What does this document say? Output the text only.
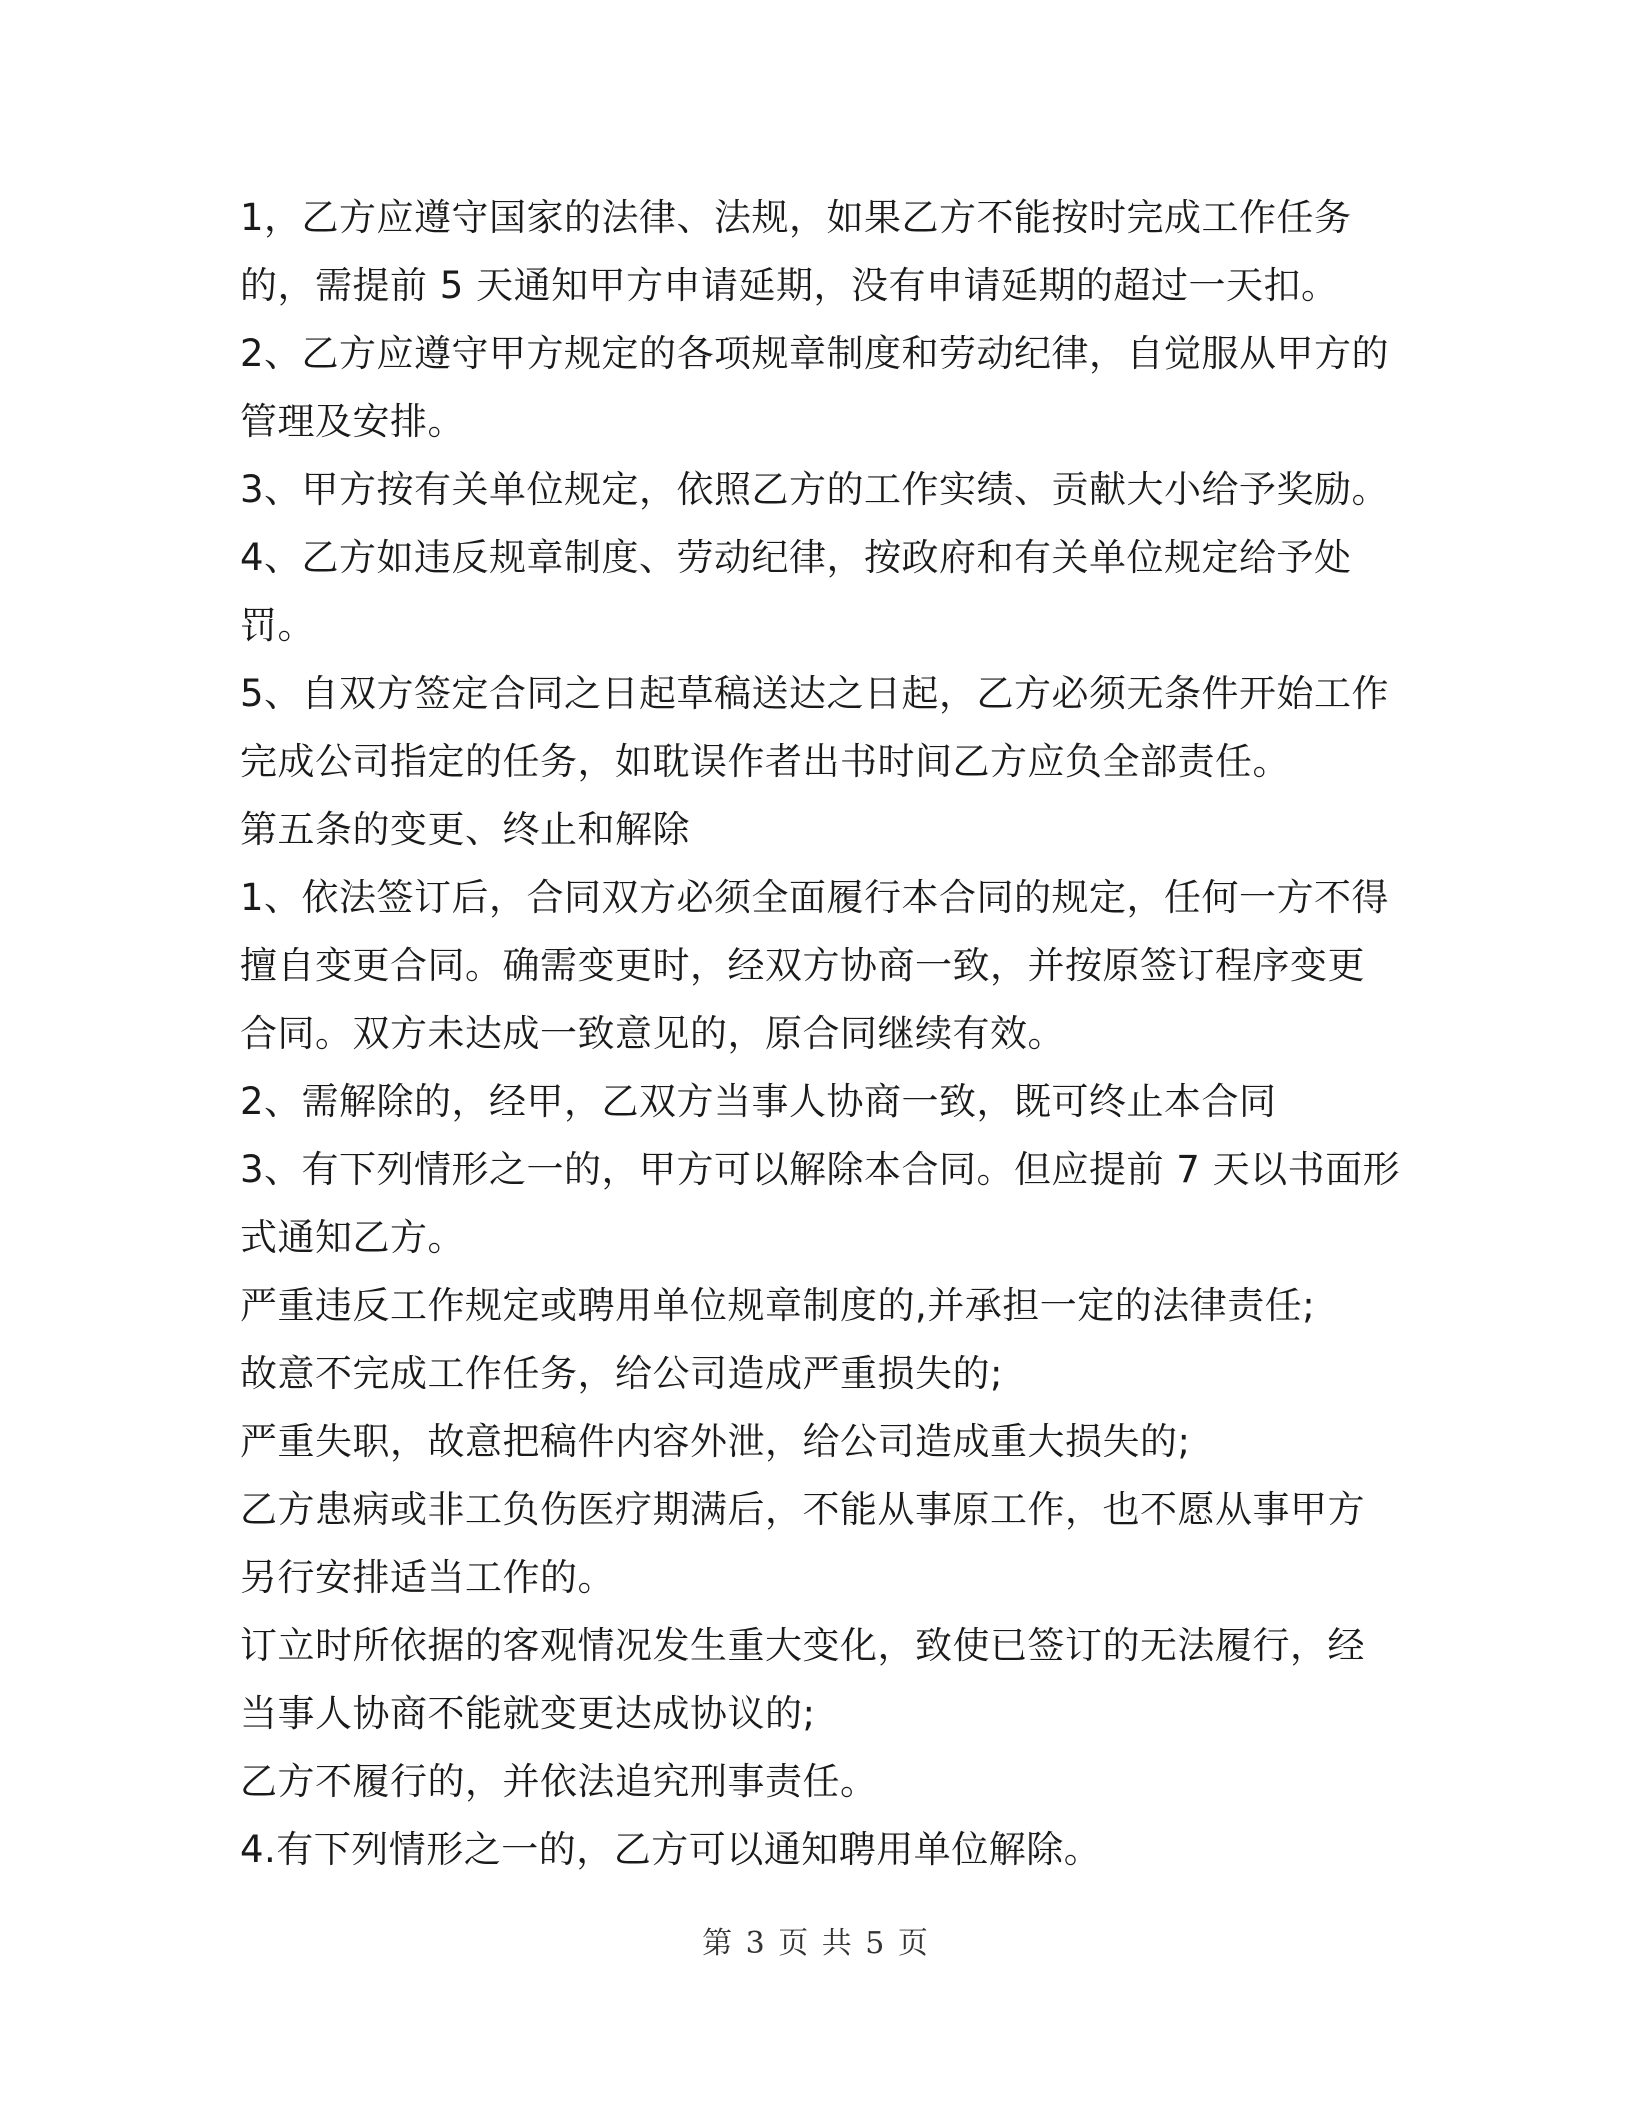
1，乙方应遵守国家的法律、法规，如果乙方不能按时完成工作任务

的，需提前 5 天通知甲方申请延期，没有申请延期的超过一天扣。

2、乙方应遵守甲方规定的各项规章制度和劳动纪律，自觉服从甲方的

管理及安排。

3、甲方按有关单位规定，依照乙方的工作实绩、贡献大小给予奖励。

4、乙方如违反规章制度、劳动纪律，按政府和有关单位规定给予处

罚。

5、自双方签定合同之日起草稿送达之日起，乙方必须无条件开始工作

完成公司指定的任务，如耽误作者出书时间乙方应负全部责任。

第五条的变更、终止和解除

1、依法签订后，合同双方必须全面履行本合同的规定，任何一方不得

擅自变更合同。确需变更时，经双方协商一致，并按原签订程序变更

合同。双方未达成一致意见的，原合同继续有效。

2、需解除的，经甲，乙双方当事人协商一致，既可终止本合同

3、有下列情形之一的，甲方可以解除本合同。但应提前 7 天以书面形

式通知乙方。

严重违反工作规定或聘用单位规章制度的,并承担一定的法律责任;

故意不完成工作任务，给公司造成严重损失的;

严重失职，故意把稿件内容外泄，给公司造成重大损失的;

乙方患病或非工负伤医疗期满后，不能从事原工作，也不愿从事甲方

另行安排适当工作的。

订立时所依据的客观情况发生重大变化，致使已签订的无法履行，经

当事人协商不能就变更达成协议的;

乙方不履行的，并依法追究刑事责任。

4.有下列情形之一的，乙方可以通知聘用单位解除。

第 3 页 共 5 页
